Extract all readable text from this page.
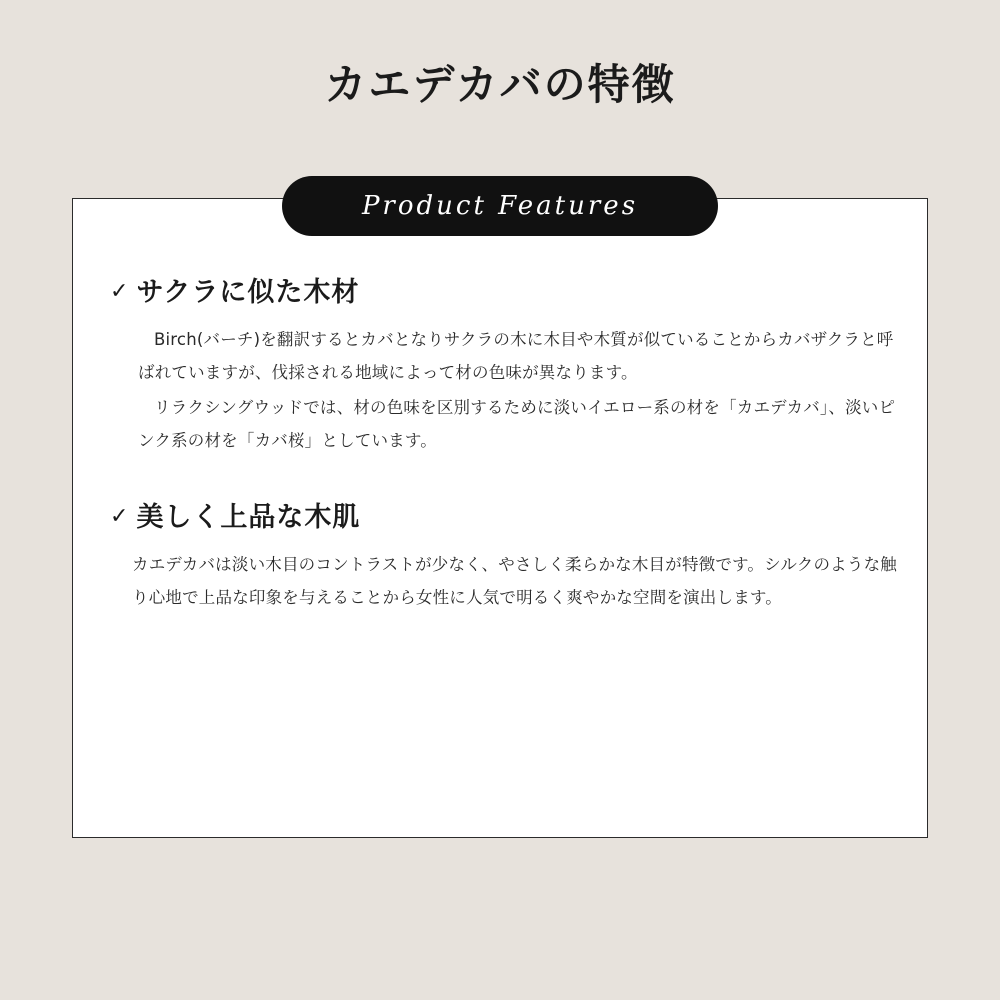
カエデカバの特徴
Product Features
✓ サクラに似た木材

Birch(バーチ)を翻訳するとカバとなりサクラの木に木目や木質が似ていることからカバザクラと呼ばれていますが、伐採される地域によって材の色味が異なります。

リラクシングウッドでは、材の色味を区別するために淡いイエロー系の材を「カエデカバ」、淡いピンク系の材を「カバ桜」としています。

✓ 美しく上品な木肌

カエデカバは淡い木目のコントラストが少なく、やさしく柔らかな木目が特徴です。シルクのような触り心地で上品な印象を与えることから女性に人気で明るく爽やかな空間を演出します。
